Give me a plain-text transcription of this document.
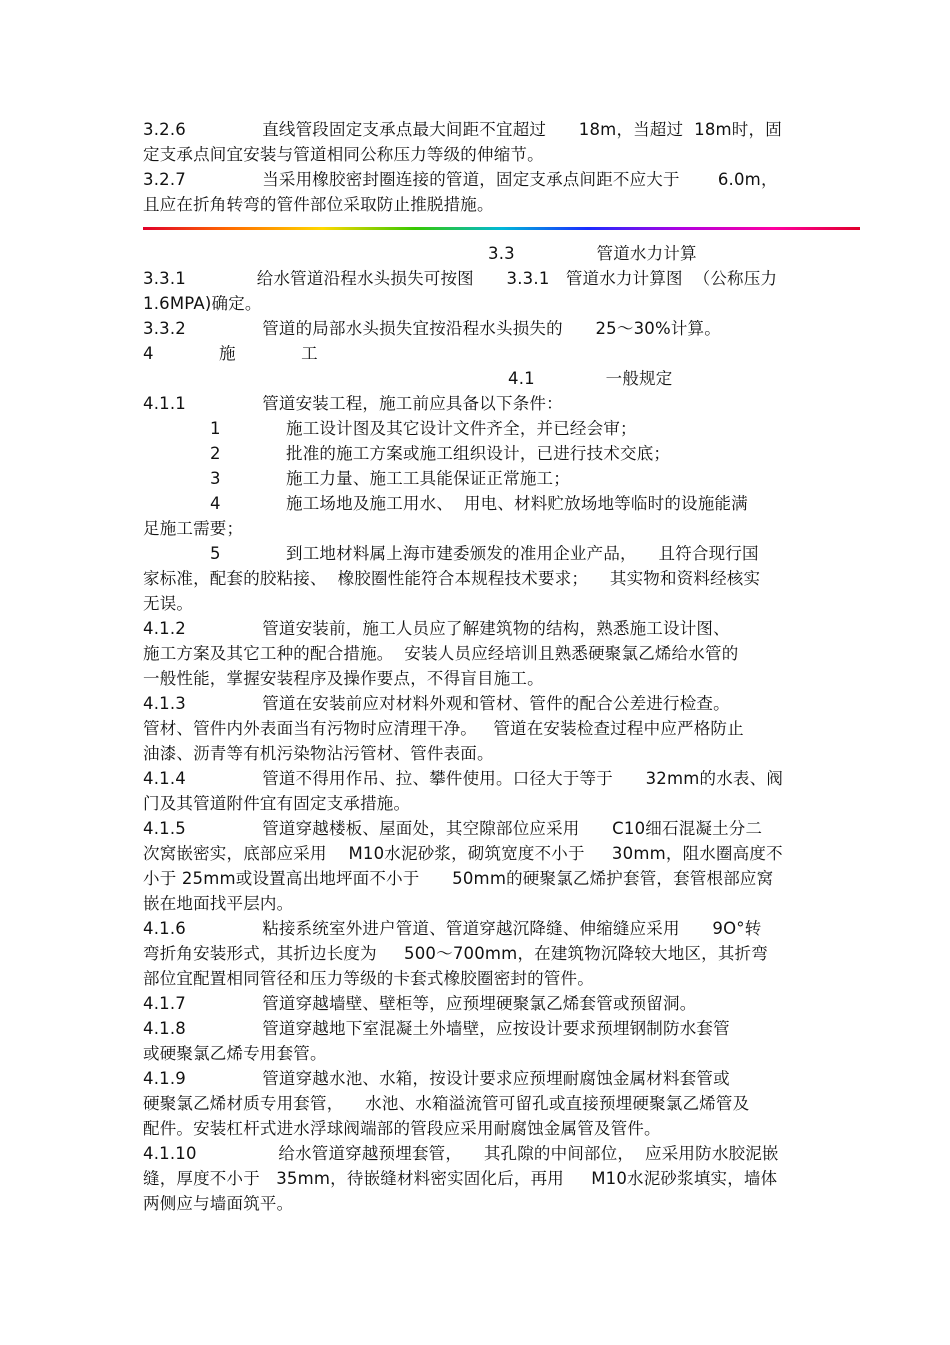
3.2.6              直线管段固定支承点最大间距不宜超过      18m，当超过  18m时，固
定支承点间宜安装与管道相同公称压力等级的伸缩节。
3.2.7              当采用橡胶密封圈连接的管道，固定支承点间距不应大于       6.0m，
且应在折角转弯的管件部位采取防止推脱措施。
3.3               管道水力计算
3.3.1             给水管道沿程水头损失可按图      3.3.1   管道水力计算图  （公称压力
1.6MPA)确定。
3.3.2              管道的局部水头损失宜按沿程水头损失的      25～30%计算。
4            施            工
4.1             一般规定
4.1.1              管道安装工程，施工前应具备以下条件：
1            施工设计图及其它设计文件齐全，并已经会审；
2            批准的施工方案或施工组织设计，已进行技术交底；
3            施工力量、施工工具能保证正常施工；
4            施工场地及施工用水、  用电、材料贮放场地等临时的设施能满
足施工需要；
5            到工地材料属上海市建委颁发的准用企业产品，    且符合现行国
家标准，配套的胶粘接、  橡胶圈性能符合本规程技术要求；    其实物和资料经核实
无误。
4.1.2              管道安装前，施工人员应了解建筑物的结构，熟悉施工设计图、
施工方案及其它工种的配合措施。  安装人员应经培训且熟悉硬聚氯乙烯给水管的
一般性能，掌握安装程序及操作要点，不得盲目施工。
4.1.3              管道在安装前应对材料外观和管材、管件的配合公差进行检查。
管材、管件内外表面当有污物时应清理干净。   管道在安装检查过程中应严格防止
油漆、沥青等有机污染物沾污管材、管件表面。
4.1.4              管道不得用作吊、拉、攀件使用。口径大于等于      32mm的水表、阀
门及其管道附件宜有固定支承措施。
4.1.5              管道穿越楼板、屋面处，其空隙部位应采用      C10细石混凝土分二
次窝嵌密实，底部应采用    M10水泥砂浆，砌筑宽度不小于     30mm，阻水圈高度不
小于 25mm或设置高出地坪面不小于      50mm的硬聚氯乙烯护套管，套管根部应窝
嵌在地面找平层内。
4.1.6              粘接系统室外进户管道、管道穿越沉降缝、伸缩缝应采用      9O°转
弯折角安装形式，其折边长度为     500～700mm，在建筑物沉降较大地区，其折弯
部位宜配置相同管径和压力等级的卡套式橡胶圈密封的管件。
4.1.7              管道穿越墙壁、壁柜等，应预埋硬聚氯乙烯套管或预留洞。
4.1.8              管道穿越地下室混凝土外墙壁，应按设计要求预埋钢制防水套管
或硬聚氯乙烯专用套管。
4.1.9              管道穿越水池、水箱，按设计要求应预埋耐腐蚀金属材料套管或
硬聚氯乙烯材质专用套管，    水池、水箱溢流管可留孔或直接预埋硬聚氯乙烯管及
配件。安装杠杆式进水浮球阀端部的管段应采用耐腐蚀金属管及管件。
4.1.10               给水管道穿越预埋套管，    其孔隙的中间部位，  应采用防水胶泥嵌
缝，厚度不小于   35mm，待嵌缝材料密实固化后，再用     M10水泥砂浆填实，墙体
两侧应与墙面筑平。
